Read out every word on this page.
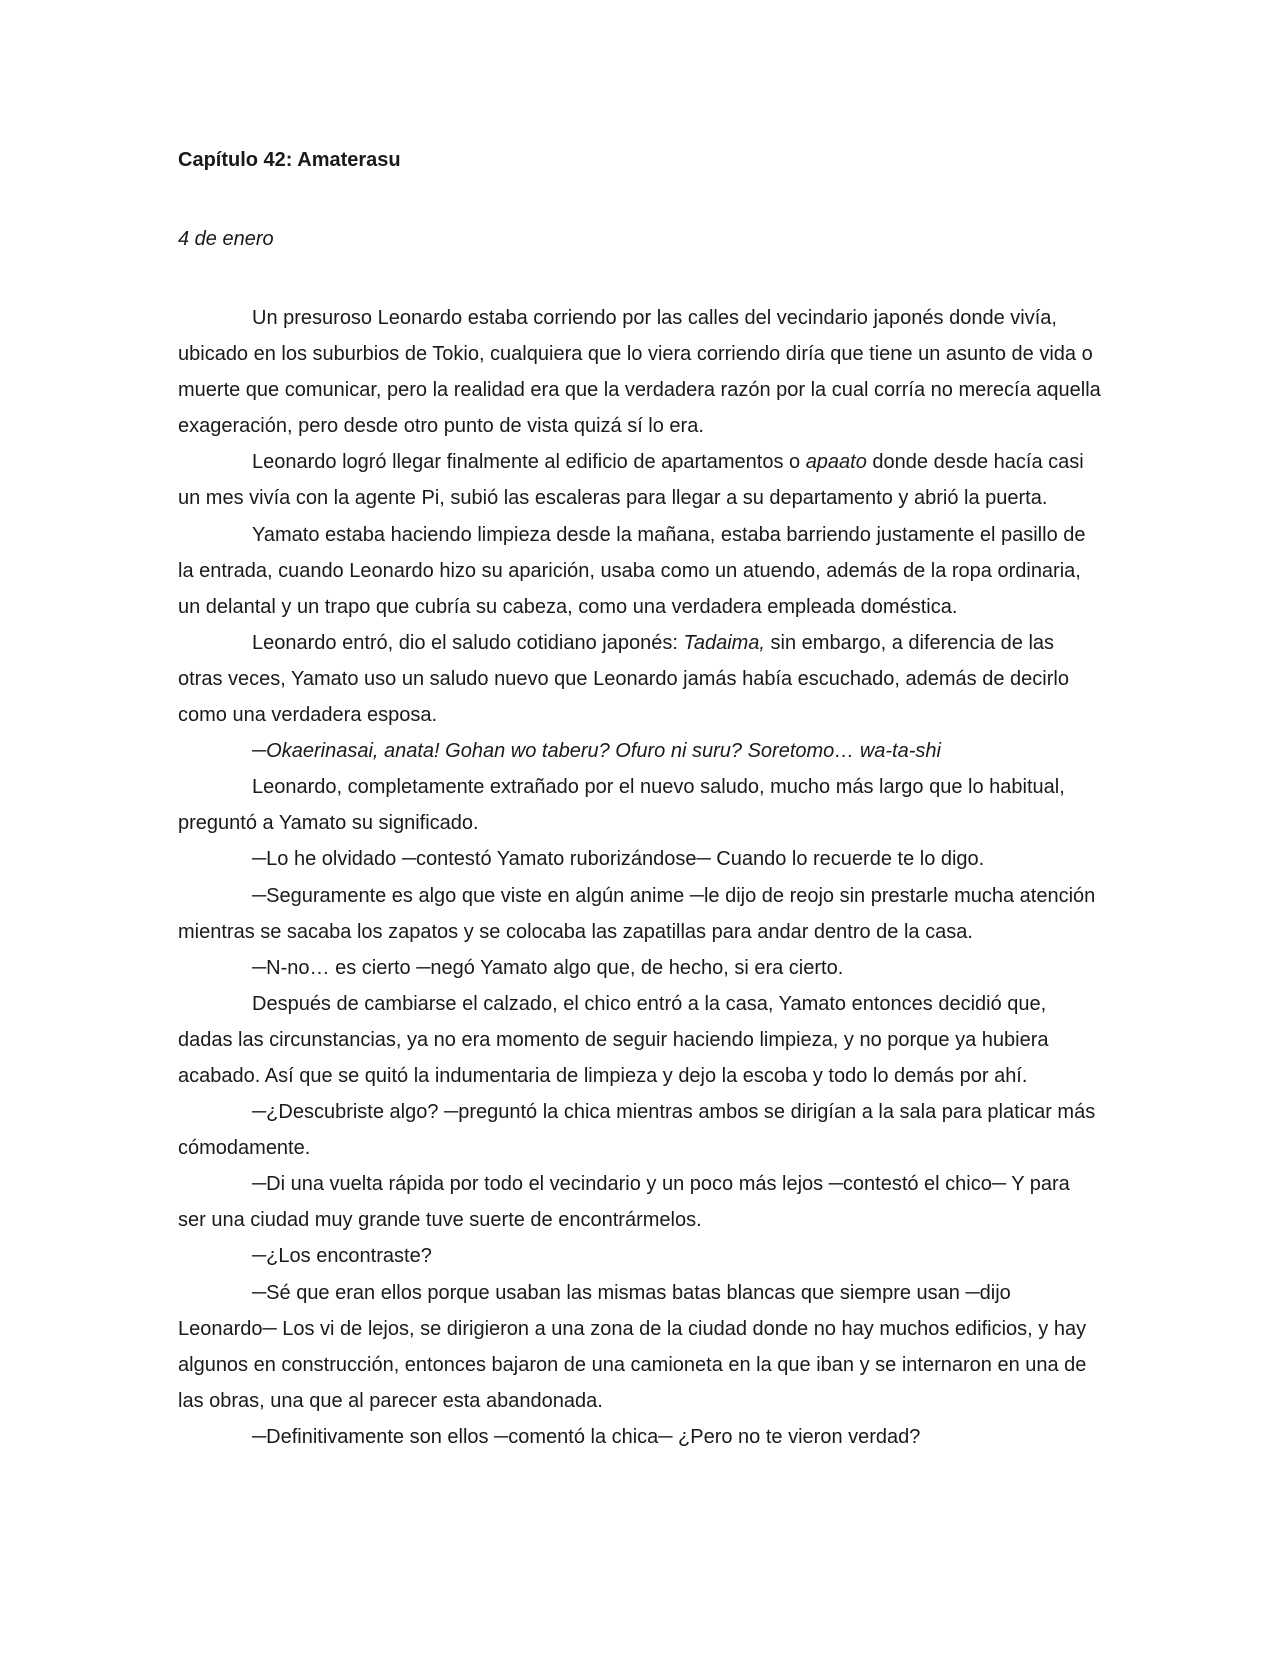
Capítulo 42: Amaterasu

4 de enero

Un presuroso Leonardo estaba corriendo por las calles del vecindario japonés donde vivía, ubicado en los suburbios de Tokio, cualquiera que lo viera corriendo diría que tiene un asunto de vida o muerte que comunicar, pero la realidad era que la verdadera razón por la cual corría no merecía aquella exageración, pero desde otro punto de vista quizá sí lo era.

Leonardo logró llegar finalmente al edificio de apartamentos o apaato donde desde hacía casi un mes vivía con la agente Pi, subió las escaleras para llegar a su departamento y abrió la puerta.

Yamato estaba haciendo limpieza desde la mañana, estaba barriendo justamente el pasillo de la entrada, cuando Leonardo hizo su aparición, usaba como un atuendo, además de la ropa ordinaria, un delantal y un trapo que cubría su cabeza, como una verdadera empleada doméstica.

Leonardo entró, dio el saludo cotidiano japonés: Tadaima, sin embargo, a diferencia de las otras veces, Yamato uso un saludo nuevo que Leonardo jamás había escuchado, además de decirlo como una verdadera esposa.

─Okaerinasai, anata! Gohan wo taberu? Ofuro ni suru? Soretomo… wa-ta-shi

Leonardo, completamente extrañado por el nuevo saludo, mucho más largo que lo habitual, preguntó a Yamato su significado.

─Lo he olvidado ─contestó Yamato ruborizándose─ Cuando lo recuerde te lo digo.

─Seguramente es algo que viste en algún anime ─le dijo de reojo sin prestarle mucha atención mientras se sacaba los zapatos y se colocaba las zapatillas para andar dentro de la casa.

─N-no… es cierto ─negó Yamato algo que, de hecho, si era cierto.

Después de cambiarse el calzado, el chico entró a la casa, Yamato entonces decidió que, dadas las circunstancias, ya no era momento de seguir haciendo limpieza, y no porque ya hubiera acabado. Así que se quitó la indumentaria de limpieza y dejo la escoba y todo lo demás por ahí.

─¿Descubriste algo? ─preguntó la chica mientras ambos se dirigían a la sala para platicar más cómodamente.

─Di una vuelta rápida por todo el vecindario y un poco más lejos ─contestó el chico─ Y para ser una ciudad muy grande tuve suerte de encontrármelos.

─¿Los encontraste?

─Sé que eran ellos porque usaban las mismas batas blancas que siempre usan ─dijo Leonardo─ Los vi de lejos, se dirigieron a una zona de la ciudad donde no hay muchos edificios, y hay algunos en construcción, entonces bajaron de una camioneta en la que iban y se internaron en una de las obras, una que al parecer esta abandonada.

─Definitivamente son ellos ─comentó la chica─ ¿Pero no te vieron verdad?
